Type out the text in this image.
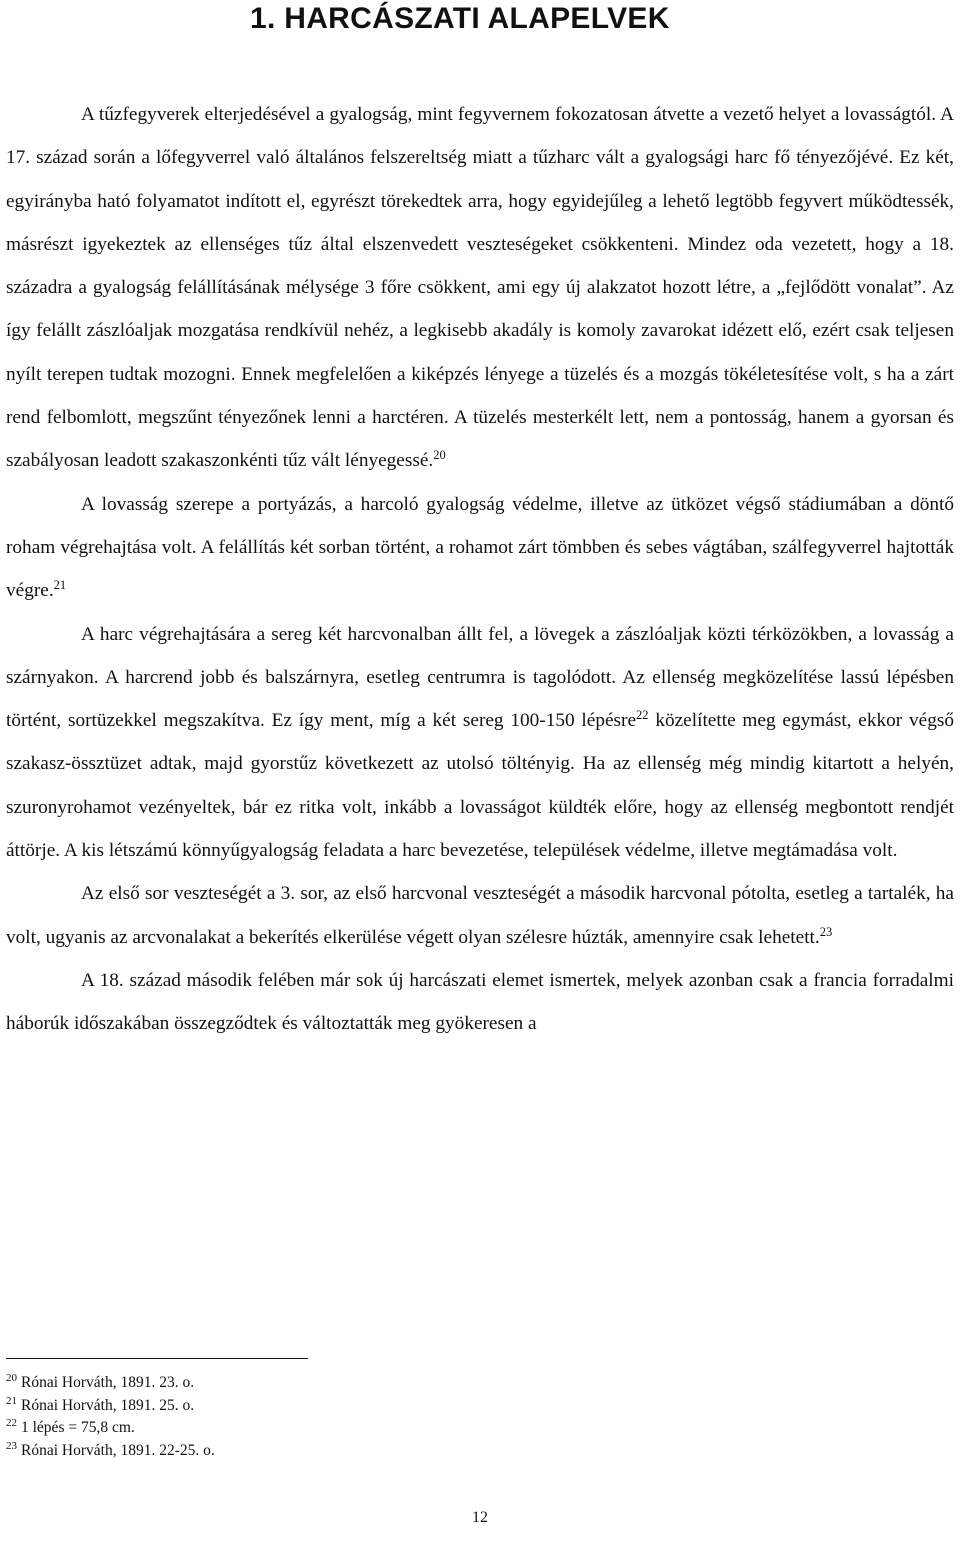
1. HARCÁSZATI ALAPELVEK

A tűzfegyverek elterjedésével a gyalogság, mint fegyvernem fokozatosan átvette a vezető helyet a lovasságtól. A 17. század során a lőfegyverrel való általános felszereltség miatt a tűzharc vált a gyalogsági harc fő tényezőjévé. Ez két, egyirányba ható folyamatot indított el, egyrészt törekedtek arra, hogy egyidejűleg a lehető legtöbb fegyvert működtessék, másrészt igyekeztek az ellenséges tűz által elszenvedett veszteségeket csökkenteni. Mindez oda vezetett, hogy a 18. századra a gyalogság felállításának mélysége 3 főre csökkent, ami egy új alakzatot hozott létre, a „fejlődött vonalat”. Az így felállt zászlóaljak mozgatása rendkívül nehéz, a legkisebb akadály is komoly zavarokat idézett elő, ezért csak teljesen nyílt terepen tudtak mozogni. Ennek megfelelően a kiképzés lényege a tüzelés és a mozgás tökéletesítése volt, s ha a zárt rend felbomlott, megszűnt tényezőnek lenni a harctéren. A tüzelés mesterkélt lett, nem a pontosság, hanem a gyorsan és szabályosan leadott szakaszonkénti tűz vált lényegessé.$^{20}$

A lovasság szerepe a portyázás, a harcoló gyalogság védelme, illetve az ütközet végső stádiumában a döntő roham végrehajtása volt. A felállítás két sorban történt, a rohamot zárt tömbben és sebes vágtában, szálfegyverrel hajtották végre.$^{21}$

A harc végrehajtására a sereg két harcvonalban állt fel, a lövegek a zászlóaljak közti térközökben, a lovasság a szárnyakon. A harcrend jobb és balszárnyra, esetleg centrumra is tagolódott. Az ellenség megközelítése lassú lépésben történt, sortüzekkel megszakítva. Ez így ment, míg a két sereg 100-150 lépésre$^{22}$ közelítette meg egymást, ekkor végső szakasz-össztüzet adtak, majd gyorstűz következett az utolsó töltényig. Ha az ellenség még mindig kitartott a helyén, szuronyrohamot vezényeltek, bár ez ritka volt, inkább a lovasságot küldték előre, hogy az ellenség megbontott rendjét áttörje. A kis létszámú könnyűgyalogság feladata a harc bevezetése, települések védelme, illetve megtámadása volt.

Az első sor veszteségét a 3. sor, az első harcvonal veszteségét a második harcvonal pótolta, esetleg a tartalék, ha volt, ugyanis az arcvonalakat a bekerítés elkerülése végett olyan szélesre húzták, amennyire csak lehetett.$^{23}$

A 18. század második felében már sok új harcászati elemet ismertek, melyek azonban csak a francia forradalmi háborúk időszakában összegződtek és változtatták meg gyökeresen a

$^{20}$ Rónai Horváth, 1891. 23. o.

$^{21}$ Rónai Horváth, 1891. 25. o.

$^{22}$ 1 lépés = 75,8 cm.

$^{23}$ Rónai Horváth, 1891. 22-25. o.

12
